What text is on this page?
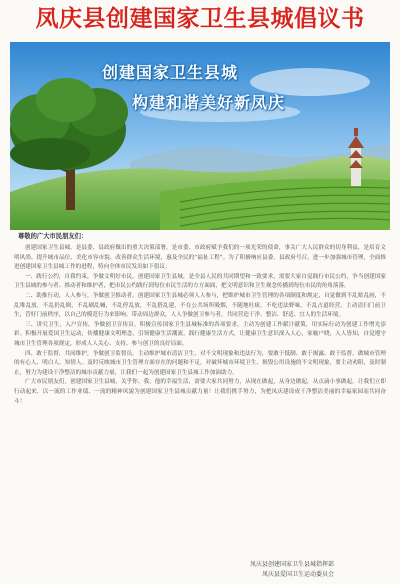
凤庆县创建国家卫生县城倡议书
创建国家卫生县城
构建和谐美好新凤庆
尊敬的广大市民朋友们：

创建国家卫生县城，是县委、县政府做出的重大决策部署，是市委、市政府赋予我们的一项光荣的使命，事关广大人民群众的切身利益，是培育文明风尚、提升城市品位、美化市容市貌、改善群众生活环境，惠及全民的“福祉工程”。为了积极响应县委、县政府号召，进一步加强城市管理，全面推进创建国家卫生县城工作的进程，特向全体市民发出如下倡议：

一、践行公约，自我约束，争做文明好市民。创建国家卫生县城，是全县人民的共同期望和一致要求，需要大家自觉践行市民公约，争当创建国家卫生县城的参与者、推动者和维护者，把市民公约践行到每位市民生活的方方面面，把文明意识和卫生观念传播到每位市民的角角落落。

二、助推行动，人人参与，争做创卫推动者。创建国家卫生县城必须人人参与，把维护城市卫生管理的各项制度和规定，自觉做到不乱贴乱画，不乱堆乱放，不乱扔乱倒，不乱刷乱喊，不乱停乱放，不乱搭乱建，不在公共场所吸烟，不随地吐痰，不吃违法野味，不乱占道经营。主动清扫门前卫生，管好门前秩序，以自己的模范行为来影响、带动周边群众，人人争做创卫参与者，共同营造干净、整洁、舒适、宜人的生活环境。

三、讲究卫生，入户宣传，争做创卫宣传员。积极宣传国家卫生县城标准的各项要求，主动为创建工作献计献策，用实际行动为创建工作增光添彩。积极开展爱国卫生运动，传播健康文明理念，引领健康生活潮流，践行健康生活方式，让健康卫生意识深入人心，家喻户晓，人人皆知，自觉遵守城市卫生管理各项规定，形成人人关心、支持、参与创卫的良好局面。

四、敢于监督，共同维护，争做创卫监督员。主动维护城市清洁卫生，对不文明现象和违法行为，要敢于抵制、敢于揭露、敢于监督，做城市管理的有心人、明白人、知情人。及时反映城市卫生管理方面存在的问题和不足，对破坏城市环境卫生、损毁公用设施的不文明现象，要主动劝阻，及时制止，努力为建设干净整洁的城市贡献力量，让我们一起为创建国家卫生县城工作加油助力。

广大市民朋友们，创建国家卫生县城，关乎你、我、他的幸福生活，需要大家共同努力，从现在做起，从身边做起，从点滴小事做起，让我们立即行动起来，以一流的工作业绩、一流的精神风貌为创建国家卫生县城贡献力量！让我们携手努力，为把凤庆建设成干净整洁美丽的幸福家园而共同奋斗！

凤庆县创建国家卫生县城指挥部
凤庆县爱国卫生运动委员会
